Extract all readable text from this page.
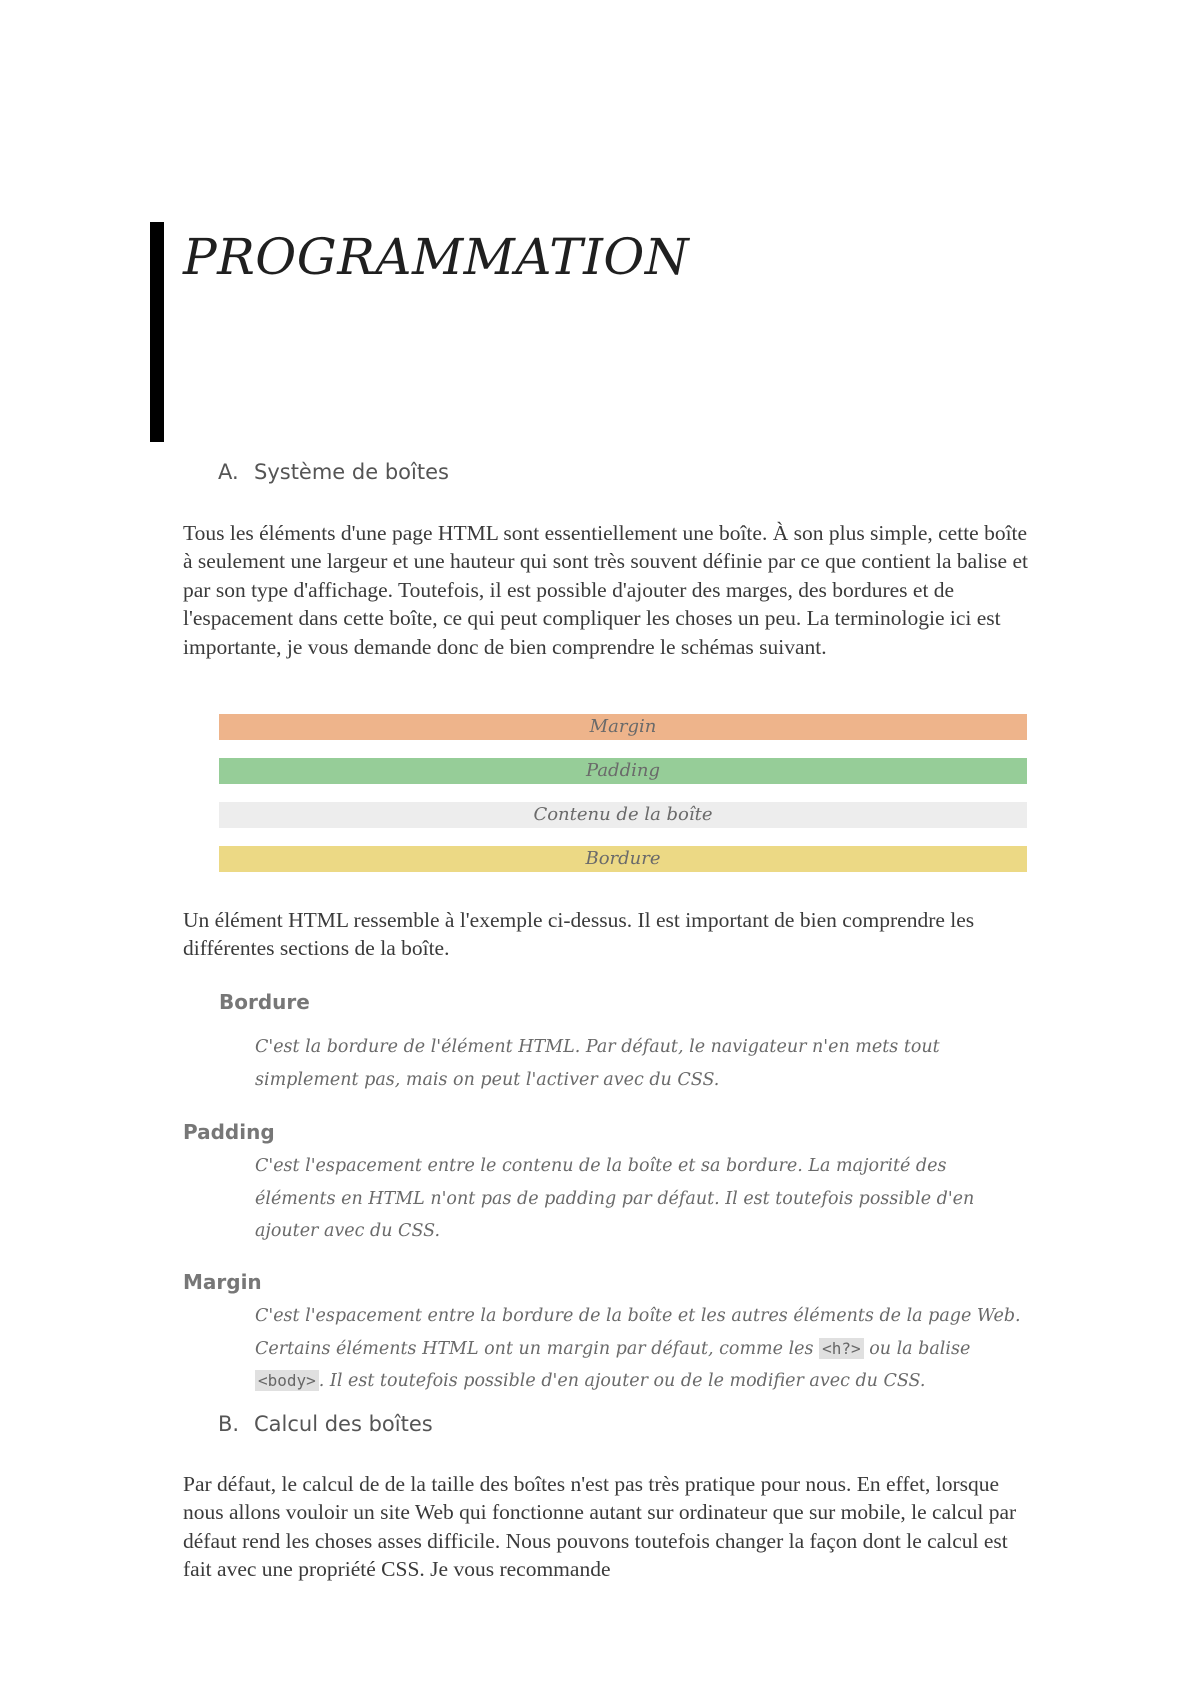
PROGRAMMATION
A. Système de boîtes

Tous les éléments d'une page HTML sont essentiellement une boîte. À son plus simple, cette boîte à seulement une largeur et une hauteur qui sont très souvent définie par ce que contient la balise et par son type d'affichage. Toutefois, il est possible d'ajouter des marges, des bordures et de l'espacement dans cette boîte, ce qui peut compliquer les choses un peu. La terminologie ici est importante, je vous demande donc de bien comprendre le schémas suivant.

Margin
Padding
Contenu de la boîte
Bordure

Un élément HTML ressemble à l'exemple ci-dessus. Il est important de bien comprendre les différentes sections de la boîte.

Bordure

C'est la bordure de l'élément HTML. Par défaut, le navigateur n'en mets tout simplement pas, mais on peut l'activer avec du CSS.

Padding

C'est l'espacement entre le contenu de la boîte et sa bordure. La majorité des éléments en HTML n'ont pas de padding par défaut. Il est toutefois possible d'en ajouter avec du CSS.

Margin

C'est l'espacement entre la bordure de la boîte et les autres éléments de la page Web. Certains éléments HTML ont un margin par défaut, comme les <h?> ou la balise <body> . Il est toutefois possible d'en ajouter ou de le modifier avec du CSS.

B. Calcul des boîtes

Par défaut, le calcul de de la taille des boîtes n'est pas très pratique pour nous. En effet, lorsque nous allons vouloir un site Web qui fonctionne autant sur ordinateur que sur mobile, le calcul par défaut rend les choses asses difficile. Nous pouvons toutefois changer la façon dont le calcul est fait avec une propriété CSS. Je vous recommande
